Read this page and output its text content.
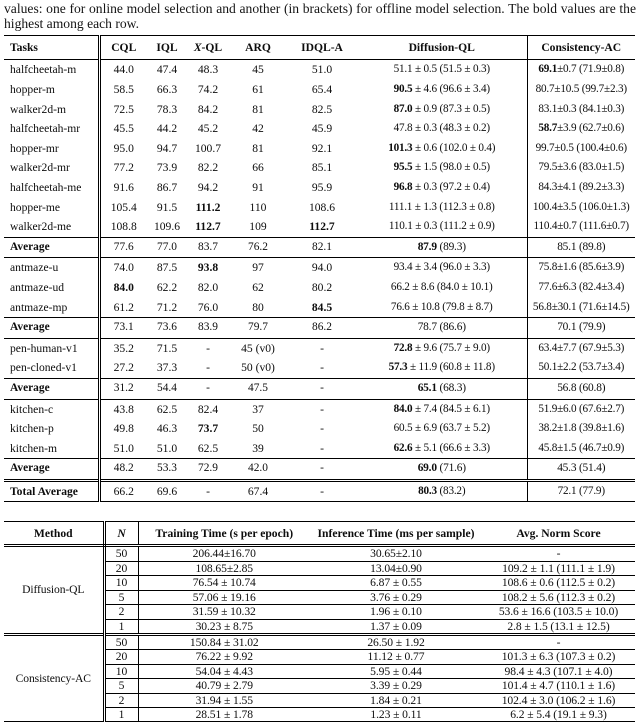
values: one for online model selection and another (in brackets) for offline model selection. The bold values are the highest among each row.

Tasks	CQL	IQL	X-QL	ARQ	IDQL-A	Diffusion-QL	Consistency-AC
halfcheetah-m	44.0	47.4	48.3	45	51.0	51.1 ± 0.5 (51.5 ± 0.3)	69.1±0.7 (71.9±0.8)
hopper-m	58.5	66.3	74.2	61	65.4	90.5 ± 4.6 (96.6 ± 3.4)	80.7±10.5 (99.7±2.3)
walker2d-m	72.5	78.3	84.2	81	82.5	87.0 ± 0.9 (87.3 ± 0.5)	83.1±0.3 (84.1±0.3)
halfcheetah-mr	45.5	44.2	45.2	42	45.9	47.8 ± 0.3 (48.3 ± 0.2)	58.7±3.9 (62.7±0.6)
hopper-mr	95.0	94.7	100.7	81	92.1	101.3 ± 0.6 (102.0 ± 0.4)	99.7±0.5 (100.4±0.6)
walker2d-mr	77.2	73.9	82.2	66	85.1	95.5 ± 1.5 (98.0 ± 0.5)	79.5±3.6 (83.0±1.5)
halfcheetah-me	91.6	86.7	94.2	91	95.9	96.8 ± 0.3 (97.2 ± 0.4)	84.3±4.1 (89.2±3.3)
hopper-me	105.4	91.5	111.2	110	108.6	111.1 ± 1.3 (112.3 ± 0.8)	100.4±3.5 (106.0±1.3)
walker2d-me	108.8	109.6	112.7	109	112.7	110.1 ± 0.3 (111.2 ± 0.9)	110.4±0.7 (111.6±0.7)
Average	77.6	77.0	83.7	76.2	82.1	87.9 (89.3)	85.1 (89.8)
antmaze-u	74.0	87.5	93.8	97	94.0	93.4 ± 3.4 (96.0 ± 3.3)	75.8±1.6 (85.6±3.9)
antmaze-ud	84.0	62.2	82.0	62	80.2	66.2 ± 8.6 (84.0 ± 10.1)	77.6±6.3 (82.4±3.4)
antmaze-mp	61.2	71.2	76.0	80	84.5	76.6 ± 10.8 (79.8 ± 8.7)	56.8±30.1 (71.6±14.5)
Average	73.1	73.6	83.9	79.7	86.2	78.7 (86.6)	70.1 (79.9)
pen-human-v1	35.2	71.5	-	45 (v0)	-	72.8 ± 9.6 (75.7 ± 9.0)	63.4±7.7 (67.9±5.3)
pen-cloned-v1	27.2	37.3	-	50 (v0)	-	57.3 ± 11.9 (60.8 ± 11.8)	50.1±2.2 (53.7±3.4)
Average	31.2	54.4	-	47.5	-	65.1 (68.3)	56.8 (60.8)
kitchen-c	43.8	62.5	82.4	37	-	84.0 ± 7.4 (84.5 ± 6.1)	51.9±6.0 (67.6±2.7)
kitchen-p	49.8	46.3	73.7	50	-	60.5 ± 6.9 (63.7 ± 5.2)	38.2±1.8 (39.8±1.6)
kitchen-m	51.0	51.0	62.5	39	-	62.6 ± 5.1 (66.6 ± 3.3)	45.8±1.5 (46.7±0.9)
Average	48.2	53.3	72.9	42.0	-	69.0 (71.6)	45.3 (51.4)
Total Average	66.2	69.6	-	67.4	-	80.3 (83.2)	72.1 (77.9)
Method	N	Training Time (s per epoch)	Inference Time (ms per sample)	Avg. Norm Score
Diffusion-QL	50	206.44±16.70	30.65±2.10	-
	20	108.65±2.85	13.04±0.90	109.2 ± 1.1 (111.1 ± 1.9)
	10	76.54 ± 10.74	6.87 ± 0.55	108.6 ± 0.6 (112.5 ± 0.2)
	5	57.06 ± 19.16	3.76 ± 0.29	108.2 ± 5.6 (112.3 ± 0.2)
	2	31.59 ± 10.32	1.96 ± 0.10	53.6 ± 16.6 (103.5 ± 10.0)
	1	30.23 ± 8.75	1.37 ± 0.09	2.8 ± 1.5 (13.1 ± 12.5)
Consistency-AC	50	150.84 ± 31.02	26.50 ± 1.92	-
	20	76.22 ± 9.92	11.12 ± 0.77	101.3 ± 6.3 (107.3 ± 0.2)
	10	54.04 ± 4.43	5.95 ± 0.44	98.4 ± 4.3 (107.1 ± 4.0)
	5	40.79 ± 2.79	3.39 ± 0.29	101.4 ± 4.7 (110.1 ± 1.6)
	2	31.94 ± 1.55	1.84 ± 0.21	102.4 ± 3.0 (106.2 ± 1.6)
	1	28.51 ± 1.78	1.23 ± 0.11	6.2 ± 5.4 (19.1 ± 9.3)
